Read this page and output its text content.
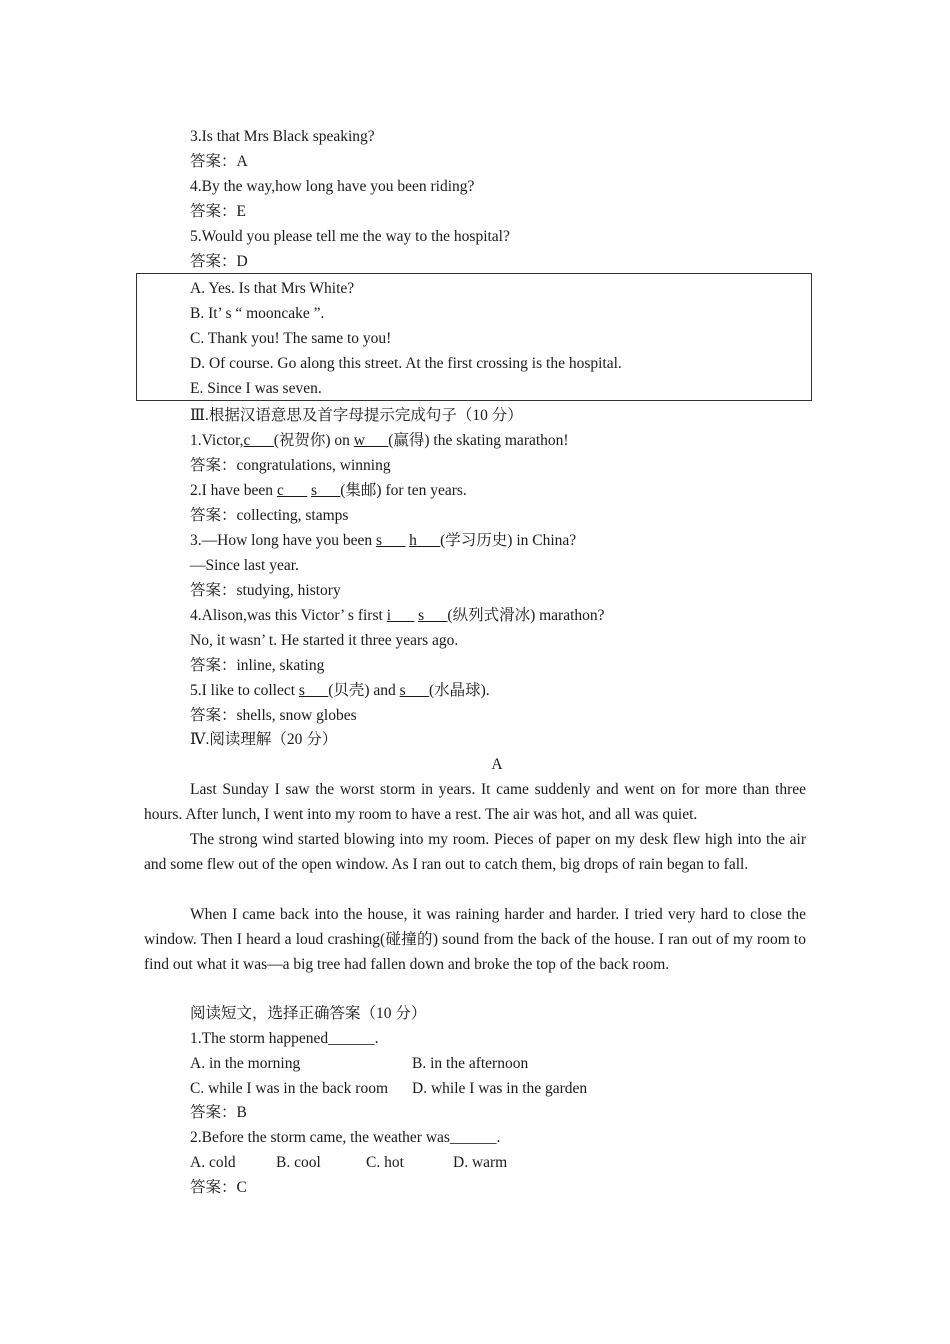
3.Is that Mrs Black speaking?
答案：A
4.By the way,how long have you been riding?
答案：E
5.Would you please tell me the way to the hospital?
答案：D
A. Yes. Is that Mrs White?
B. It’ s “ mooncake ”.
C. Thank you! The same to you!
D. Of course. Go along this street. At the first crossing is the hospital.
E. Since I was seven.
Ⅲ.根据汉语意思及首字母提示完成句子（10 分）
1.Victor,c___(祝贺你) on w___(赢得) the skating marathon!
答案：congratulations, winning
2.I have been c___ s___(集邮) for ten years.
答案：collecting, stamps
3.—How long have you been s___ h___(学习历史) in China?
—Since last year.
答案：studying, history
4.Alison,was this Victor’ s first i___ s___(纵列式滑冰) marathon?
No, it wasn’ t. He started it three years ago.
答案：inline, skating
5.I like to collect s___(贝壳) and s___(水晶球).
答案：shells, snow globes
Ⅳ.阅读理解（20 分）
A
Last Sunday I saw the worst storm in years. It came suddenly and went on for more than three hours. After lunch, I went into my room to have a rest. The air was hot, and all was quiet.
The strong wind started blowing into my room. Pieces of paper on my desk flew high into the air and some flew out of the open window. As I ran out to catch them, big drops of rain began to fall.
When I came back into the house, it was raining harder and harder. I tried very hard to close the window. Then I heard a loud crashing(碰撞的) sound from the back of the house. I ran out of my room to find out what it was—a big tree had fallen down and broke the top of the back room.
阅读短文，选择正确答案（10 分）
1.The storm happened______.
A. in the morning	B. in the afternoon
C. while I was in the back room D. while I was in the garden
答案：B
2.Before the storm came, the weather was______.
A. cold	B. cool	C. hot	D. warm
答案：C
